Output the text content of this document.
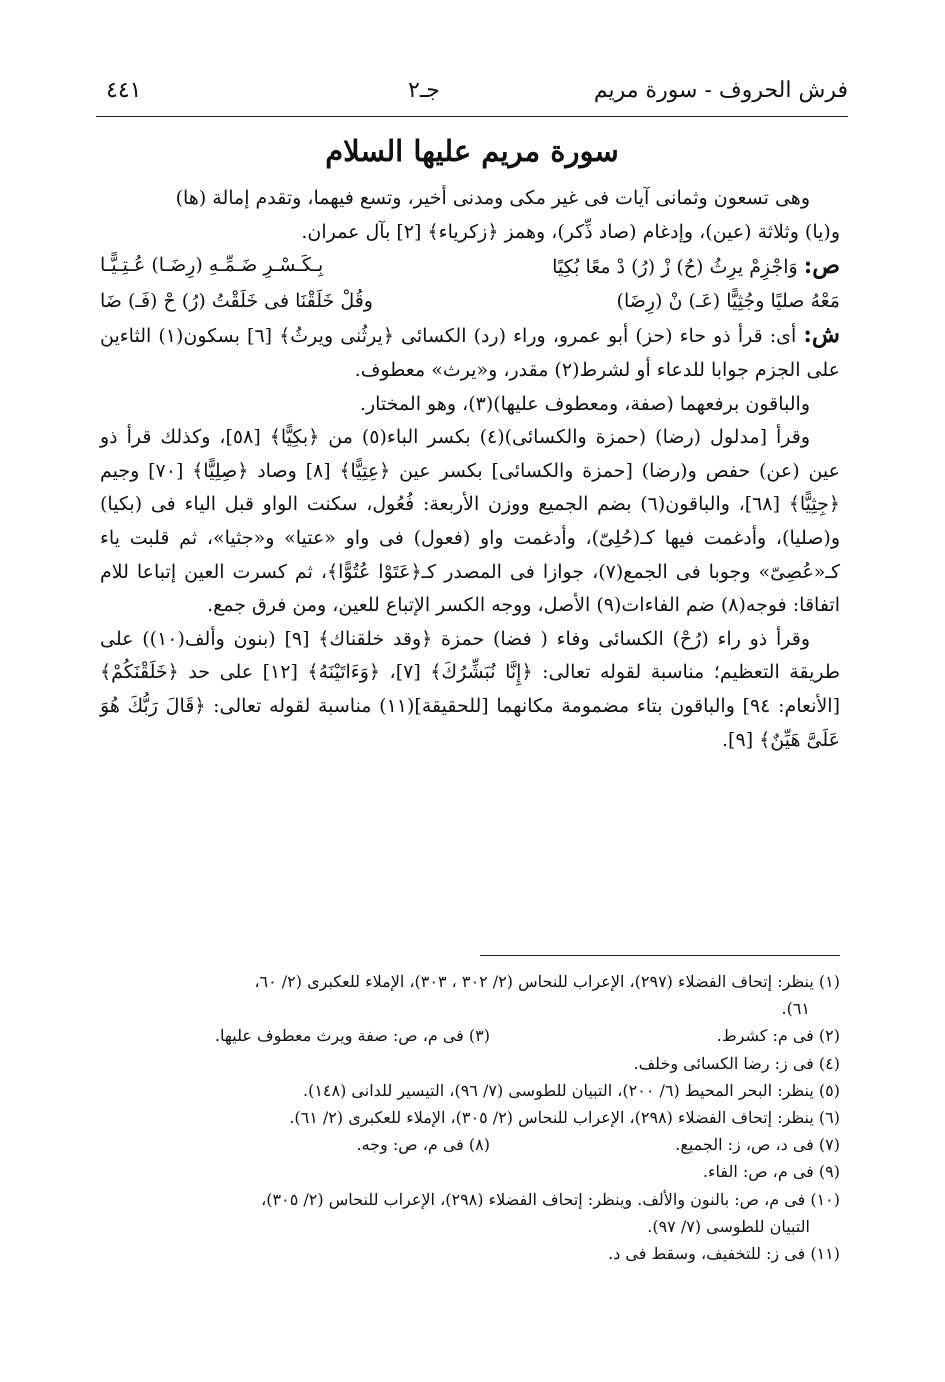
فرش الحروف - سورة مريم
جـ٢
٤٤١
سورة مريم عليها السلام

وهى تسعون وثمانى آيات فى غير مكى ومدنى أخير، وتسع فيهما، وتقدم إمالة (ها)

و(يا) وثلاثة (عين)، وإدغام (صاد ذِّكر)، وهمز ﴿زكرياء﴾ [٢] بآل عمران.

ص: وَاجْزِمْ يرِثُ (حُ) زْ (رُ) دْ معًا بُكِيًا
بِـكَـسْـرِ ضَـمِّـهِ (رِضَـا) عُـتِـيًّـا
مَعْهُ صليًا وجُثِيًّا (عَـ) نْ (رِضَا)
وقُلْ خَلَقْنَا فى خَلَقْتُ (رُ) حْ (فَـ) ضَا

ش: أى: قرأ ذو حاء (حز) أبو عمرو، وراء (رد) الكسائى ﴿يرثُنى ويرثُ﴾ [٦] بسكون(١) الثاءين على الجزم جوابا للدعاء أو لشرط(٢) مقدر، و«يرث» معطوف.

والباقون برفعهما (صفة، ومعطوف عليها)(٣)، وهو المختار.

وقرأ [مدلول (رضا) (حمزة والكسائى)(٤) بكسر الباء(٥) من ﴿بكِيًّا﴾ [٥٨]، وكذلك قرأ ذو عين (عن) حفص و(رضا) [حمزة والكسائى] بكسر عين ﴿عِتِيًّا﴾ [٨] وصاد ﴿صِلِيًّا﴾ [٧٠] وجيم ﴿جِثِيًّا﴾ [٦٨]، والباقون(٦) بضم الجميع ووزن الأربعة: فُعُول، سكنت الواو قبل الياء فى (بكيا) و(صليا)، وأدغمت فيها كـ(حُلِىّ)، وأدغمت واو (فعول) فى واو «عتيا» و«جثيا»، ثم قلبت ياء كـ«عُصِىّ» وجوبا فى الجمع(٧)، جوازا فى المصدر كـ﴿عَتَوْا عُتُوًّا﴾، ثم كسرت العين إتباعا للام اتفاقا: فوجه(٨) ضم الفاءات(٩) الأصل، ووجه الكسر الإتباع للعين، ومن فرق جمع.

وقرأ ذو راء (رُحْ) الكسائى وفاء ( فضا) حمزة ﴿وقد خلقناك﴾ [٩] (بنون وألف(١٠)) على طريقة التعظيم؛ مناسبة لقوله تعالى: ﴿إِنَّا نُبَشِّرُكَ﴾ [٧]، ﴿وَءَاتَيْنَهُ﴾ [١٢] على حد ﴿خَلَقْنَكُمْ﴾ [الأنعام: ٩٤] والباقون بتاء مضمومة مكانهما [للحقيقة](١١) مناسبة لقوله تعالى: ﴿قَالَ رَبُّكَ هُوَ عَلَىَّ هَيِّنٌ﴾ [٩].

(١) ينظر: إتحاف الفضلاء (٢٩٧)، الإعراب للنحاس (٢/ ٣٠٢ ، ٣٠٣)، الإملاء للعكبرى (٢/ ٦٠،
٦١).
(٢) فى م: كشرط.
(٣) فى م، ص: صفة ويرث معطوف عليها.
(٤) فى ز: رضا الكسائى وخلف.
(٥) ينظر: البحر المحيط (٦/ ٢٠٠)، التبيان للطوسى (٧/ ٩٦)، التيسير للدانى (١٤٨).
(٦) ينظر: إتحاف الفضلاء (٢٩٨)، الإعراب للنحاس (٢/ ٣٠٥)، الإملاء للعكبرى (٢/ ٦١).
(٧) فى د، ص، ز: الجميع.
(٨) فى م، ص: وجه.
(٩) فى م، ص: الفاء.
(١٠) فى م، ص: بالنون والألف. وينظر: إتحاف الفضلاء (٢٩٨)، الإعراب للنحاس (٢/ ٣٠٥)،
التبيان للطوسى (٧/ ٩٧).
(١١) فى ز: للتخفيف، وسقط فى د.
